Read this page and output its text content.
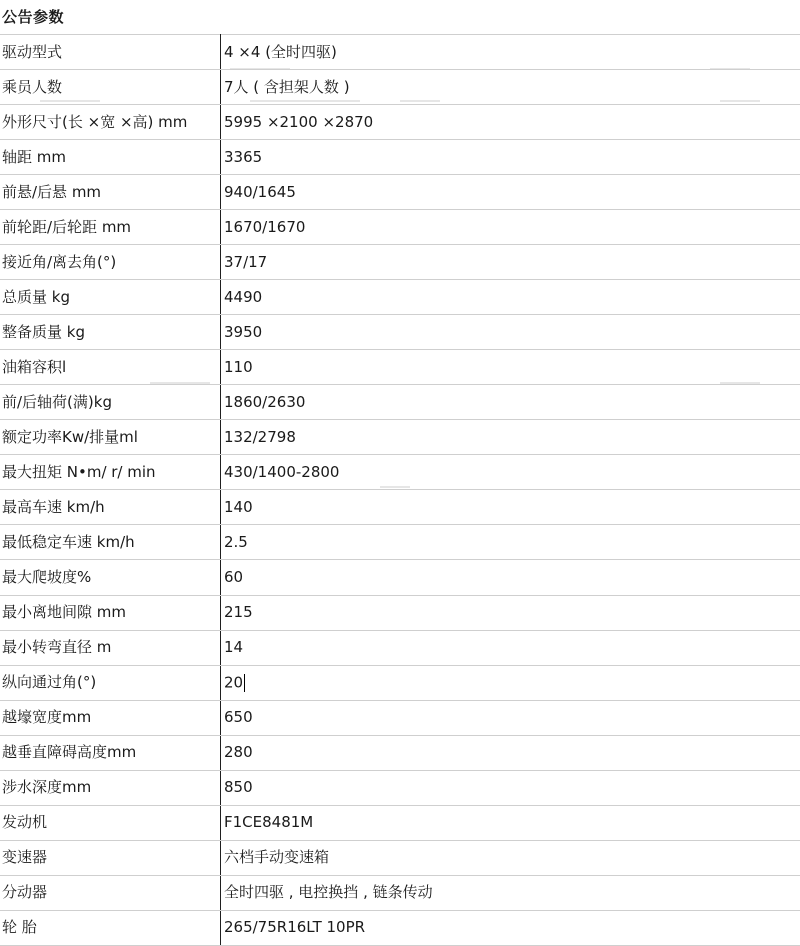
公告参数
驱动型式	4 ×4 (全时四驱)
乘员人数	7人 ( 含担架人数 )
外形尺寸(长 ×宽 ×高) mm	5995 ×2100 ×2870
轴距 mm	3365
前悬/后悬 mm	940/1645
前轮距/后轮距 mm	1670/1670
接近角/离去角(°)	37/17
总质量 kg	4490
整备质量 kg	3950
油箱容积l	110
前/后轴荷(满)kg	1860/2630
额定功率Kw/排量ml	132/2798
最大扭矩 N•m/ r/ min	430/1400-2800
最高车速 km/h	140
最低稳定车速 km/h	2.5
最大爬坡度%	60
最小离地间隙 mm	215
最小转弯直径 m	14
纵向通过角(°)	20
越壕宽度mm	650
越垂直障碍高度mm	280
涉水深度mm	850
发动机	F1CE8481M
变速器	六档手动变速箱
分动器	全时四驱 , 电控换挡 , 链条传动
轮 胎	265/75R16LT 10PR
